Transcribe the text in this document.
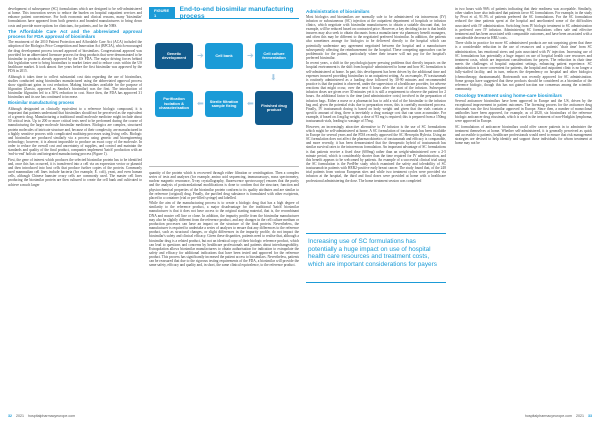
development of subsequence (SC) formulations which are designed to be self-administered at home. This innovation serves to reduce the burden on hospital outpatient services and enhance patient convenience. For both economic and clinical reasons, many 'biosimilar' formulations have appeared from both generics and branded manufacturers to bring down costs and provide more options for clinicians, for patients, and for the NHS.

The Affordable Care Act and the abbreviated approval process for FDA approval of biosimilars

The enactment of the 2010 Patient Protection and Affordable Care Act (ACA) included the adoption of the Biologics Price Competition and Innovation Act (BPCIA), which encouraged the drug development process toward approval of biosimilars. Congressional approval was provided for an abbreviated licensure process for drug products that were demonstrated to be biosimilar to products already approved by the US FDA. The major driving forces behind this legislation were to bring biosimilars to market faster and to reduce costs within the US healthcare market. It took almost five years before the first biosimilar was approved by the FDA in 2015.

Although it takes time to collect substantial cost data regarding the use of biosimilars, studies conducted using biosimilars manufactured using the abbreviated approval process show significant gains in cost reduction. Making biosimilars available for the purpose of filgrastim (Zarxio, approved as Sandoz's biosimilar) was the first. The introduction of biosimilar filgrastim led to a 30% reduction in cost. Since then, the FDA has approved 31 biosimilars and its use has continued to increase.

Biosimilar manufacturing process

Although designated as clinically equivalent to a reference biologic compound, it is important that patients understand that biosimilars should not be perceived as the equivalent of a generic drug. Manufacturing a traditional small molecule medicine might include about 50 critical tests. Up to 200 or more critical tests need to be performed during the course of manufacturing the larger molecule biosimilar medicines. Biologics are complex, structured protein molecules of intricate structure and, because of their complexity, are manufactured in a highly sensitive process with complicated multistep processes using living cells. Biologic and biosimilar are produced similarly via a process using genetic and bioengineering technology; however, it is almost impossible to produce an exact copy of the molecule. In order to reduce the overall cost and uncertainty of supplies, and control and maintain the standards and quality of the final product, companies implement 'batch' production with an 'end-to-end' holistic and integrated manufacturing process (Figure 1).

First, the gene of interest which produces the selected biosimilar protein has to be identified and, once this has occurred, it is transferred into a cell via an expression vector or plasmid and then introduced into host cells that produce further copies of the protein. Commonly used mammalian cell lines include bacteria (for example, E. coli), yeast, and even human cells, although Chinese hamster ovary cells are commonly used. The master cell lines producing the biosimilar protein are then cultured to create the cell bank and cultivated to achieve a much larger

FIGURE 1
End-to-end biosimilar manufacturing process
Genetic development	➔	Cell bank	➔	Cell culture fermentation
⬇
Purification isolation & characterisation ⬅	Sterile filtration sample fixing	⬅	Finished drug product

quantity of the protein which is recovered through either filtration or centrifugation. Then a complex series of tests and analyses (for example, amino acid sequencing, immunoassays, mass spectrometry, nuclear magnetic resonance, X-ray crystallography, fluorescence spectroscopy) ensures that the purity and the analysis of posttranslational modifications is done to confirm that the structure, function and physicochemical properties of the biosimilar protein conform to its quality attributes and are similar to the reference (original) drug. Finally, the purified drug substance is formulated with other excipients, placed in a container (vial or pre-filled syringe) and labelled.

While the aim of the manufacturing process is to create a biologic drug that has a high degree of similarity to the reference product, a major disadvantage for the traditional 'batch' biosimilar manufacturer is that it does not have access to the original starting material, that is, the recombinant DNA and master cell line or clone. In addition, the impurity profile from the biosimilar manufacturer may also be slightly different from the reference product, and any changes in the cell culture medium or production processes can have an impact on the structure of the final protein. Nevertheless, the manufacturer is required to undertake a series of analyses to ensure that any differences to the reference product, such as structural changes, or slight differences in the impurity profile, do not impact the biosimilar's safety and clinical efficacy. Given these disparities, patients need to realise that, although a biosimilar drug is a related product, but not an identical copy of their biologic reference product, which can lead to questions and concerns by healthcare professionals and patients about interchangeability. Extrapolation allows biosimilar manufacturers to obtain authorisation for indication to extrapolate the safety and efficacy for additional indications that have been tested and approved for the reference product. This process has significantly increased the patient access to biosimilars. Nevertheless, patients can be reassured that due to the rigorous testing requirements of the FDA, a biosimilar will provide the same safety, efficacy and quality and, in short, the same clinical equivalence, to the reference product.

Administration of biosimilars

Most biologics and biosimilars are normally safe to be administered via intravenous (IV) infusion or subcutaneous (SC) injection at the outpatient department of hospitals or infusion clinics, which negotiate with biosimilar manufacturers to obtain a suitable discount that, for example, will be reduced based on contracted price. However, a key deciding factor is that health insurers may also seek to obtain discounts from a manufacturer via pharmacy benefit managers, and often this may be different to the negotiated preferred biosimilar. In addition, the patients also sometimes arrange for biologics to be delivered directly to the hospital which can potentially undermine any agreement negotiated between the hospital and a manufacturer subsequently affecting the reimbursement for the hospital. These competing approaches can be problematic for the patient, particularly where their insurer will not pay for the hospital's preferred biosimilar.

In recent years, a shift in the psychologic/payer pressing problems that directly impacts on the hospital environment is the shift from hospital- administered to home and how SC formulation is self-administered at home. In part, this development has been driven by the additional time and expenses incurred providing biosimilars to an outpatient setting. As an example, IV trastuzumab is routinely administered as a loading dose followed by 30-90 minutes and recommended practice is that the patient is observed, under the supervision of a healthcare provider, for adverse reactions that might occur, over the next 6 hours after the start of the infusion. Subsequent infusion doses are given over 30 minutes yet it is still a requirement to observe the patient for 2 hours. An additional factor is the time (and administrative costs) involved in the preparation of infusion bags. Either a nurse or a pharmacist has to add a vial of the biosimilar to the infusion bag and, given the potential risks due to preparation errors, this is carefully monitored process. Finally, IV trastuzumab dosing is based on body weight and given that the vials contain a specific amount of drug, there is inevitably a drug wastage cost that can soon accumulate. For example, if based on 4 mg/kg weight, a dose of 93 mg is required; this is prepared from a 150mg trastuzumab vials, leading to wastage of 57mg.

However, an increasingly attractive alternative to IV infusion is the use of SC formulations which might be self-administered at home. A SC formulation of trastuzumab has been available in Europe for several years and the FDA recently approved the SC Herceptin Hylecta. Using an SC formulation does not affect the pharmacokinetics of trastuzumab and efficacy is comparable, and more recently, it has been demonstrated that the therapeutic hybrid of trastuzumab has similar survival rates to the intravenous formulation. An important advantage of SC formulations is that patients receive a fixed dose (600mg) rather than an weight-administered over a 2-5 minute period, which is considerably shorter than the time required for IV administration, and this benefit appears to be welcomed by patients. An example of a successful clinical trial using the SC formulation is the PrefHer study which examined the safety and tolerability of SC trastuzumab in patients with HER2-positive early breast cancer. The study found that, of the 248 trial patients from various European sites and while two treatment cycles were provided via infusion at the hospital, the third and final doses were provided at home with a healthcare professional administering the dose. The home treatment session was completed

in two hours with 96% of patients indicating that their readiness was acceptable. Similarly, other studies have also indicated that patients favor SC formulations. For example, in the study by Pivot et al, 91.5% of patients preferred the SC formulations. For the SC formulation reduced the time patients spent at the hospital and ameliorated some of the difficulties associated with IV administration. Switching from IV biologic treatment to SC administration is preferred over IV infusion. Administering SC formulations offers safe and effective treatment and has been associated with comparable outcomes, and have been associated with a considerable decrease in HRU costs.

There shifts in practice for more SC administered products are not surprising given that there is a considerable reduction in the use of resources and a patients' 'chair time' from SC administration, has emotional stress and pain associated with IV injection. Increasing use of SC formulations has potentially a huge impact on use of hospital health care resources and treatment costs, which are important considerations for payers. The reduction in chair time meets the challenges of hospital outpatient settings, enhancing patient experience. SC administration is more convenient for patients, the hospital and outpatient clinic is no longer a fully-staffed facility, and in turn, reduces the dependency on hospital and other biologics (chemotherapy, daratumumab). Bortezomib was recently approved for SC administration. Some groups have suggested that these products should be considered as a biosimilar of the reference biologic, though this has not gained traction nor consensus among the scientific community.

Oncology treatment using home-care biosimilars

Several anticancer biosimilars have been approved in Europe and the US, driven by the exceptional improvement in patient outcomes. The licensing process for the anticancer drug rituximab was the first biosimilar approved in Europe. Since then, a number of monoclonal antibodies have been approved, for example, as of 2020, six biosimilars of the reference biologic anticancer drug rituximab, which is used in the treatment of non-Hodgkin lymphoma, were approved in Europe.

SC formulations of anticancer biosimilars could offer cancer patients in to administer the treatment themselves at home. Whether self-administered, it is generally perceived as quick and accessible to patients, healthcare professionals would need to ensure that risk management strategies are devised to help identify and support those individuals for whom treatment at home may not be

Increasing use of SC formulations has potentially a huge impact on use of hospital health care resources and treatment costs, which are important considerations for payers
32 2021 hospitalpharmacyeurope.com	hospitalpharmacyeurope.com 2021 33
